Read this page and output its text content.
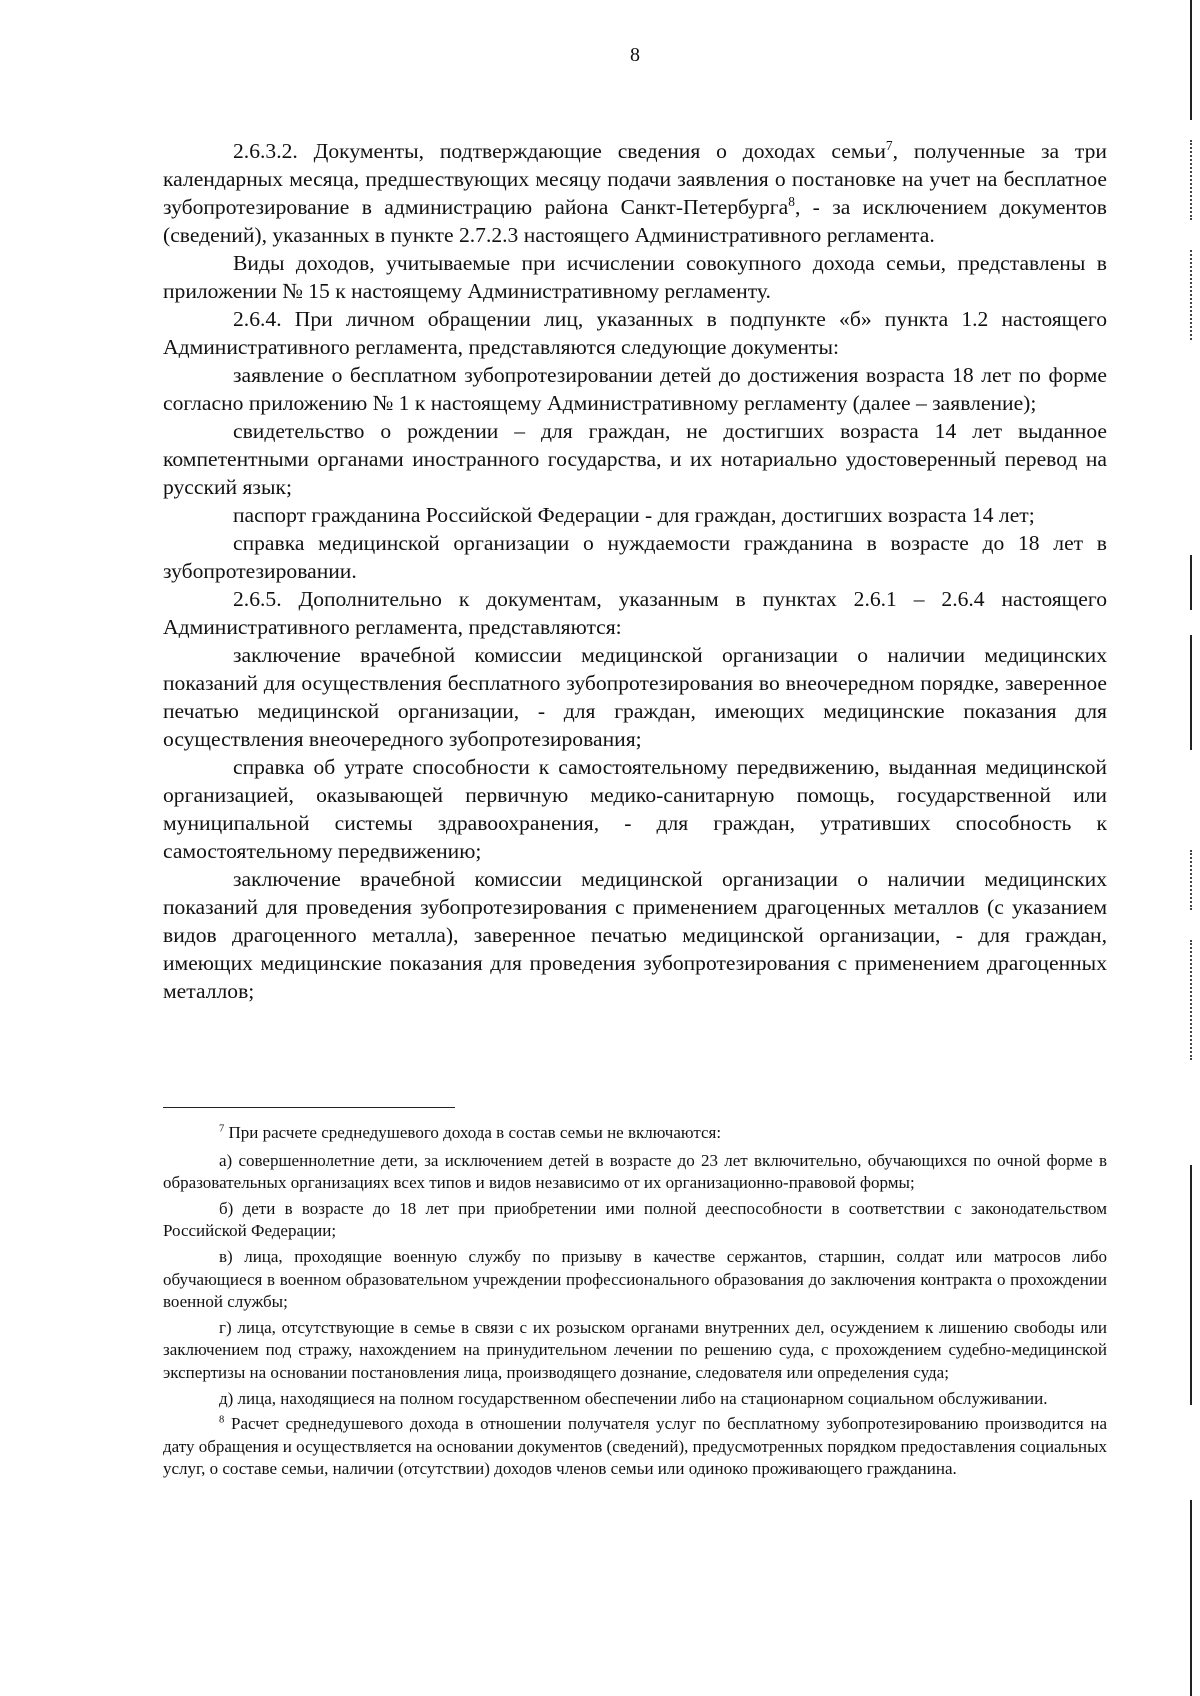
8

2.6.3.2. Документы, подтверждающие сведения о доходах семьи$^7$, полученные за три календарных месяца, предшествующих месяцу подачи заявления о постановке на учет на бесплатное зубопротезирование в администрацию района Санкт-Петербурга$^8$, - за исключением документов (сведений), указанных в пункте 2.7.2.3 настоящего Административного регламента.

Виды доходов, учитываемые при исчислении совокупного дохода семьи, представлены в приложении № 15 к настоящему Административному регламенту.

2.6.4. При личном обращении лиц, указанных в подпункте «б» пункта 1.2 настоящего Административного регламента, представляются следующие документы:

заявление о бесплатном зубопротезировании детей до достижения возраста 18 лет по форме согласно приложению № 1 к настоящему Административному регламенту (далее – заявление);

свидетельство о рождении – для граждан, не достигших возраста 14 лет выданное компетентными органами иностранного государства, и их нотариально удостоверенный перевод на русский язык;

паспорт гражданина Российской Федерации - для граждан, достигших возраста 14 лет;

справка медицинской организации о нуждаемости гражданина в возрасте до 18 лет в зубопротезировании.

2.6.5. Дополнительно к документам, указанным в пунктах 2.6.1 – 2.6.4 настоящего Административного регламента, представляются:

заключение врачебной комиссии медицинской организации о наличии медицинских показаний для осуществления бесплатного зубопротезирования во внеочередном порядке, заверенное печатью медицинской организации, - для граждан, имеющих медицинские показания для осуществления внеочередного зубопротезирования;

справка об утрате способности к самостоятельному передвижению, выданная медицинской организацией, оказывающей первичную медико-санитарную помощь, государственной или муниципальной системы здравоохранения, - для граждан, утративших способность к самостоятельному передвижению;

заключение врачебной комиссии медицинской организации о наличии медицинских показаний для проведения зубопротезирования с применением драгоценных металлов (с указанием видов драгоценного металла), заверенное печатью медицинской организации, - для граждан, имеющих медицинские показания для проведения зубопротезирования с применением драгоценных металлов;

$^7$ При расчете среднедушевого дохода в состав семьи не включаются:

а) совершеннолетние дети, за исключением детей в возрасте до 23 лет включительно, обучающихся по очной форме в образовательных организациях всех типов и видов независимо от их организационно-правовой формы;

б) дети в возрасте до 18 лет при приобретении ими полной дееспособности в соответствии с законодательством Российской Федерации;

в) лица, проходящие военную службу по призыву в качестве сержантов, старшин, солдат или матросов либо обучающиеся в военном образовательном учреждении профессионального образования до заключения контракта о прохождении военной службы;

г) лица, отсутствующие в семье в связи с их розыском органами внутренних дел, осуждением к лишению свободы или заключением под стражу, нахождением на принудительном лечении по решению суда, с прохождением судебно-медицинской экспертизы на основании постановления лица, производящего дознание, следователя или определения суда;

д) лица, находящиеся на полном государственном обеспечении либо на стационарном социальном обслуживании.

$^8$ Расчет среднедушевого дохода в отношении получателя услуг по бесплатному зубопротезированию производится на дату обращения и осуществляется на основании документов (сведений), предусмотренных порядком предоставления социальных услуг, о составе семьи, наличии (отсутствии) доходов членов семьи или одиноко проживающего гражданина.
